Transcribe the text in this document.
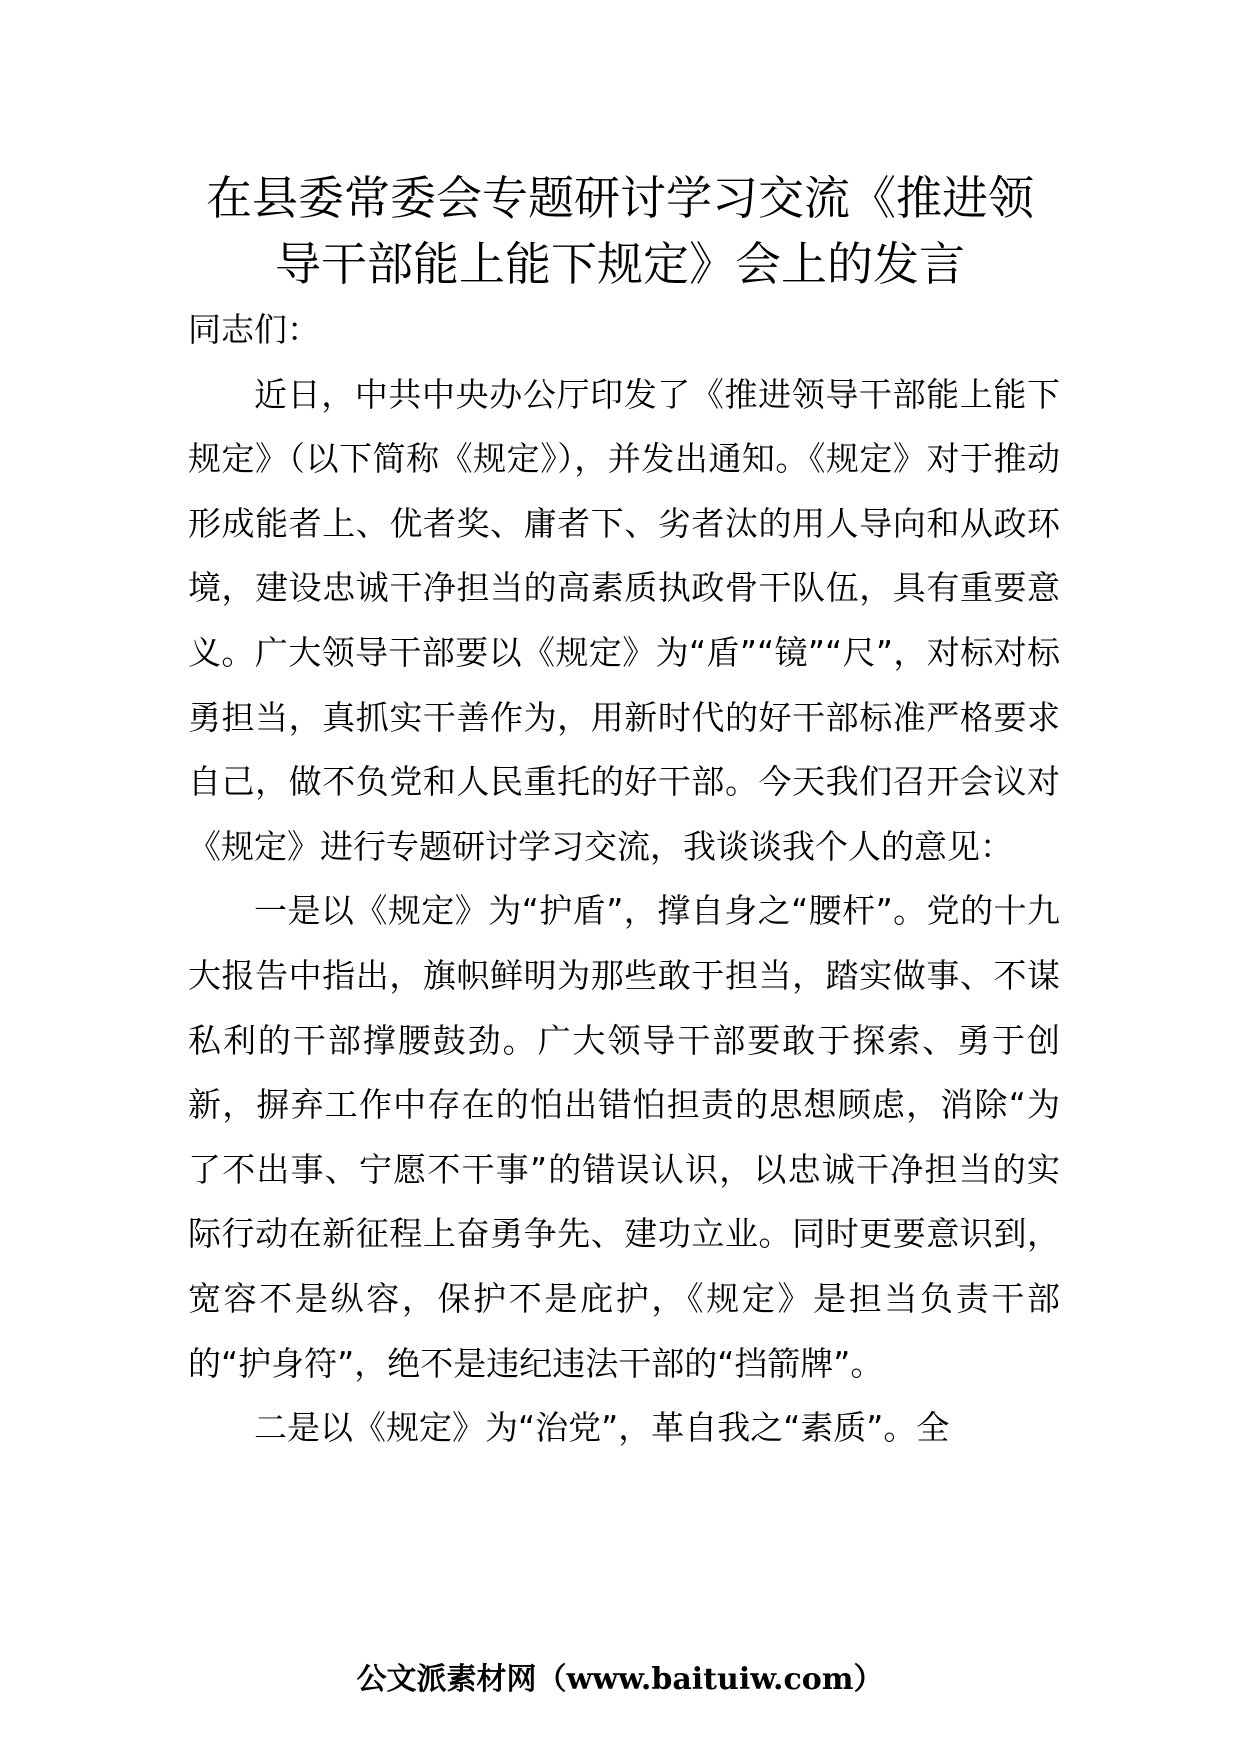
在县委常委会专题研讨学习交流《推进领
导干部能上能下规定》会上的发言

同志们：

近日，中共中央办公厅印发了《推进领导干部能上能下规定》（以下简称《规定》），并发出通知。《规定》对于推动形成能者上、优者奖、庸者下、劣者汰的用人导向和从政环境，建设忠诚干净担当的高素质执政骨干队伍，具有重要意义。广大领导干部要以《规定》为“盾”“镜”“尺”，对标对标勇担当，真抓实干善作为，用新时代的好干部标准严格要求自己，做不负党和人民重托的好干部。今天我们召开会议对《规定》进行专题研讨学习交流，我谈谈我个人的意见：

一是以《规定》为“护盾”，撑自身之“腰杆”。党的十九大报告中指出，旗帜鲜明为那些敢于担当，踏实做事、不谋私利的干部撑腰鼓劲。广大领导干部要敢于探索、勇于创新，摒弃工作中存在的怕出错怕担责的思想顾虑，消除“为了不出事、宁愿不干事”的错误认识，以忠诚干净担当的实际行动在新征程上奋勇争先、建功立业。同时更要意识到，宽容不是纵容，保护不是庇护，《规定》是担当负责干部的“护身符”，绝不是违纪违法干部的“挡箭牌”。

二是以《规定》为“治党”，革自我之“素质”。全

公文派素材网（www.baituiw.com）
